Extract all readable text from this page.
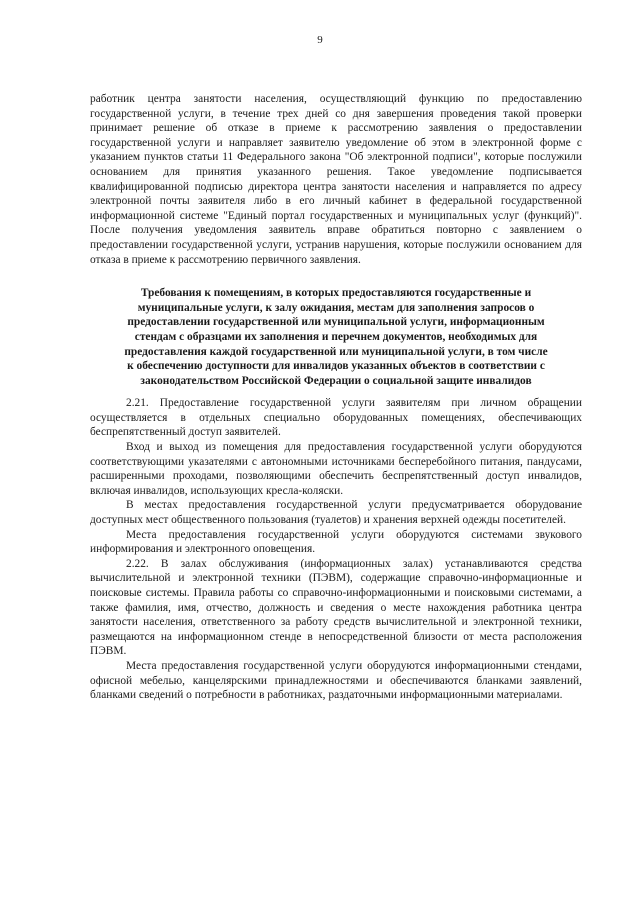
9

работник центра занятости населения, осуществляющий функцию по предоставлению государственной услуги, в течение трех дней со дня завершения проведения такой проверки принимает решение об отказе в приеме к рассмотрению заявления о предоставлении государственной услуги и направляет заявителю уведомление об этом в электронной форме с указанием пунктов статьи 11 Федерального закона "Об электронной подписи", которые послужили основанием для принятия указанного решения. Такое уведомление подписывается квалифицированной подписью директора центра занятости населения и направляется по адресу электронной почты заявителя либо в его личный кабинет в федеральной государственной информационной системе "Единый портал государственных и муниципальных услуг (функций)". После получения уведомления заявитель вправе обратиться повторно с заявлением о предоставлении государственной услуги, устранив нарушения, которые послужили основанием для отказа в приеме к рассмотрению первичного заявления.

Требования к помещениям, в которых предоставляются государственные и муниципальные услуги, к залу ожидания, местам для заполнения запросов о предоставлении государственной или муниципальной услуги, информационным стендам с образцами их заполнения и перечнем документов, необходимых для предоставления каждой государственной или муниципальной услуги, в том числе к обеспечению доступности для инвалидов указанных объектов в соответствии с законодательством Российской Федерации о социальной защите инвалидов

2.21. Предоставление государственной услуги заявителям при личном обращении осуществляется в отдельных специально оборудованных помещениях, обеспечивающих беспрепятственный доступ заявителей.

Вход и выход из помещения для предоставления государственной услуги оборудуются соответствующими указателями с автономными источниками бесперебойного питания, пандусами, расширенными проходами, позволяющими обеспечить беспрепятственный доступ инвалидов, включая инвалидов, использующих кресла-коляски.

В местах предоставления государственной услуги предусматривается оборудование доступных мест общественного пользования (туалетов) и хранения верхней одежды посетителей.

Места предоставления государственной услуги оборудуются системами звукового информирования и электронного оповещения.

2.22. В залах обслуживания (информационных залах) устанавливаются средства вычислительной и электронной техники (ПЭВМ), содержащие справочно-информационные и поисковые системы. Правила работы со справочно-информационными и поисковыми системами, а также фамилия, имя, отчество, должность и сведения о месте нахождения работника центра занятости населения, ответственного за работу средств вычислительной и электронной техники, размещаются на информационном стенде в непосредственной близости от места расположения ПЭВМ.

Места предоставления государственной услуги оборудуются информационными стендами, офисной мебелью, канцелярскими принадлежностями и обеспечиваются бланками заявлений, бланками сведений о потребности в работниках, раздаточными информационными материалами.
